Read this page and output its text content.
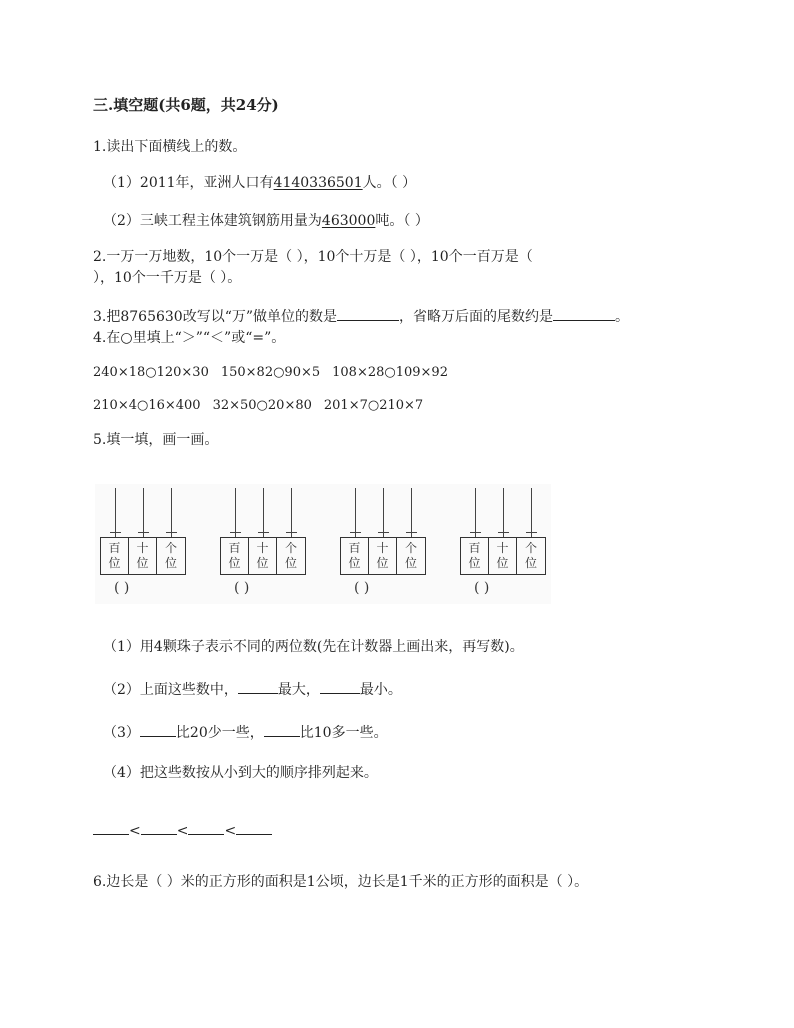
三.填空题(共6题，共24分)
1.读出下面横线上的数。
（1）2011年，亚洲人口有4140336501人。（ ）
（2）三峡工程主体建筑钢筋用量为463000吨。（ ）
2.一万一万地数，10个一万是（ ），10个十万是（ ），10个一百万是（
），10个一千万是（ ）。
3.把8765630改写以“万”做单位的数是	，省略万后面的尾数约是	。
4.在○里填上“＞”“＜”或“=”。
240×18○120×30 150×82○90×5 108×28○109×92
210×4○16×400 32×50○20×80 201×7○210×7
5.填一填，画一画。
百
位
十
位
个
位
( )
百
位
十
位
个
位
( )
百
位
十
位
个
位
( )
百
位
十
位
个
位
( )
（1）用4颗珠子表示不同的两位数(先在计数器上画出来，再写数)。
（2）上面这些数中，	最大，	最小。
（3）	比20少一些，	比10多一些。
（4）把这些数按从小到大的顺序排列起来。
<	<	<
6.边长是（ ）米的正方形的面积是1公顷，边长是1千米的正方形的面积是（ ）。
